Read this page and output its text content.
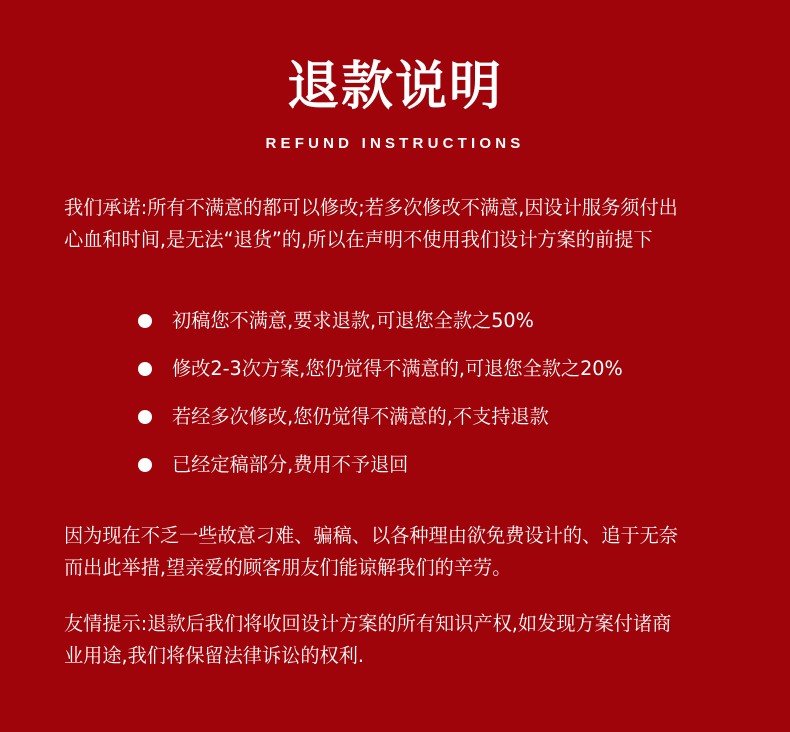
退款说明
REFUND INSTRUCTIONS
我们承诺:所有不满意的都可以修改;若多次修改不满意,因设计服务须付出
心血和时间,是无法“退货”的,所以在声明不使用我们设计方案的前提下
初稿您不满意,要求退款,可退您全款之50%
修改2-3次方案,您仍觉得不满意的,可退您全款之20%
若经多次修改,您仍觉得不满意的,不支持退款
已经定稿部分,费用不予退回
因为现在不乏一些故意刁难、骗稿、以各种理由欲免费设计的、追于无奈
而出此举措,望亲爱的顾客朋友们能谅解我们的辛劳。
友情提示:退款后我们将收回设计方案的所有知识产权,如发现方案付诸商
业用途,我们将保留法律诉讼的权利.
